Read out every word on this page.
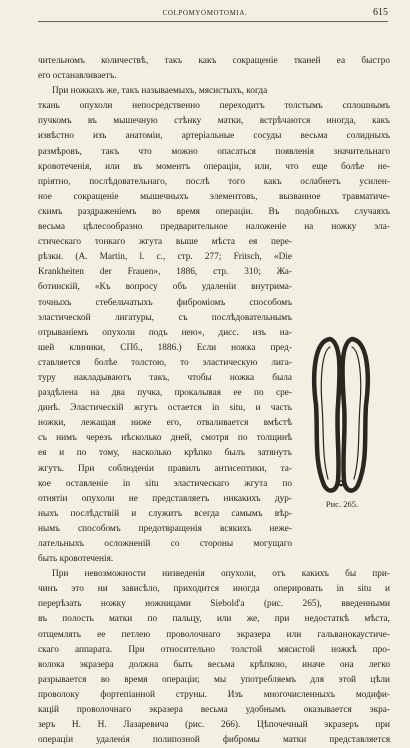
COLPOMYOMOTOMIA.	615
чительномъ количествѣ, такъ какъ сокращеніе тканей еа быстро
его останавливаетъ.
При ножкахъ же, такъ называемыхъ, мясистыхъ, когда
ткань опухоли непосредственно переходитъ толстымъ сплошнымъ
пучкомъ въ мышечную стѣнку матки, встрѣчаются иногда, какъ
извѣстно изъ анатоміи, артеріальные сосуды весьма солидныхъ
размѣровъ, такъ что можно опасаться появленія значительнаго
кровотеченія, или въ моментъ операціи, или, что еще болѣе не-
пріятно, послѣдовательнаго, послѣ того какъ ослабнетъ усилен-
ное сокращеніе мышечныхъ элементовъ, вызванное травматиче-
скимъ раздраженіемъ во время операціи. Въ подобныхъ случаяхъ
весьма цѣлесообразно предварительное наложеніе на ножку эла-
стическаго тонкаго жгута выше мѣста ея пере-
рѣзки. (A. Martin, l. c., стр. 277; Fritsch, «Die
Krankheiten der Frauen», 1886, стр. 310; Жа-
ботинскій, «Къ вопросу объ удаленіи внутрима-
точныхъ стебельчатыхъ фибромiомъ способомъ
эластической лигатуры, съ послѣдовательнымъ
отрыванiемъ опухоли подъ нею», дисс. изъ на-
шей клиники, СПб., 1886.) Если ножка пред-
ставляется болѣе толстою, то эластическую лига-
туру накладываютъ такъ, чтобы ножка была
раздѣлена на два пучка, прокалывая ее по сре-
динѣ. Эластическій жгутъ остается in situ, и часть
ножки, лежащая ниже его, отваливается вмѣстѣ
съ нимъ черезъ нѣсколько дней, смотря по толщинѣ
ея и по тому, насколько крѣпко былъ затянутъ
жгутъ. При соблюденіи правилъ антисептики, та-
кое оставленіе in situ эластическаго жгута по
отнятіи опухоли не представляетъ никакихъ дур-
ныхъ послѣдствій и служитъ всегда самымъ вѣр-
нымъ способомъ предотвращенія всякихъ неже-
лательныхъ осложненій со стороны могущаго
быть кровотеченія.
При невозможности низведенія опухоли, отъ какихъ бы при-
чинъ это ни зависѣло, приходится иногда оперировать in situ и
перерѣзать ножку ножницами Siebold'a (рис. 265), введенными
въ полость матки по пальцу, или же, при недостаткѣ мѣста,
отщемлять ее петлею проволочнаго экразера или гальванокаустиче-
скаго аппарата. При относительно толстой мясистой ножкѣ про-
волока экразера должна быть весьма крѣпкою, иначе она легко
разрывается во время операціи; мы употребляемъ для этой цѣли
проволоку фортепіанной струны. Изъ многочисленныхъ модифи-
кацій проволочнаго экразера весьма удобнымъ оказывается экра-
зеръ Н. Н. Лазаревича (рис. 266). Цѣпочечный экразеръ при
операціи удаленія полипозной фибромы матки представляется
Рис. 265.
